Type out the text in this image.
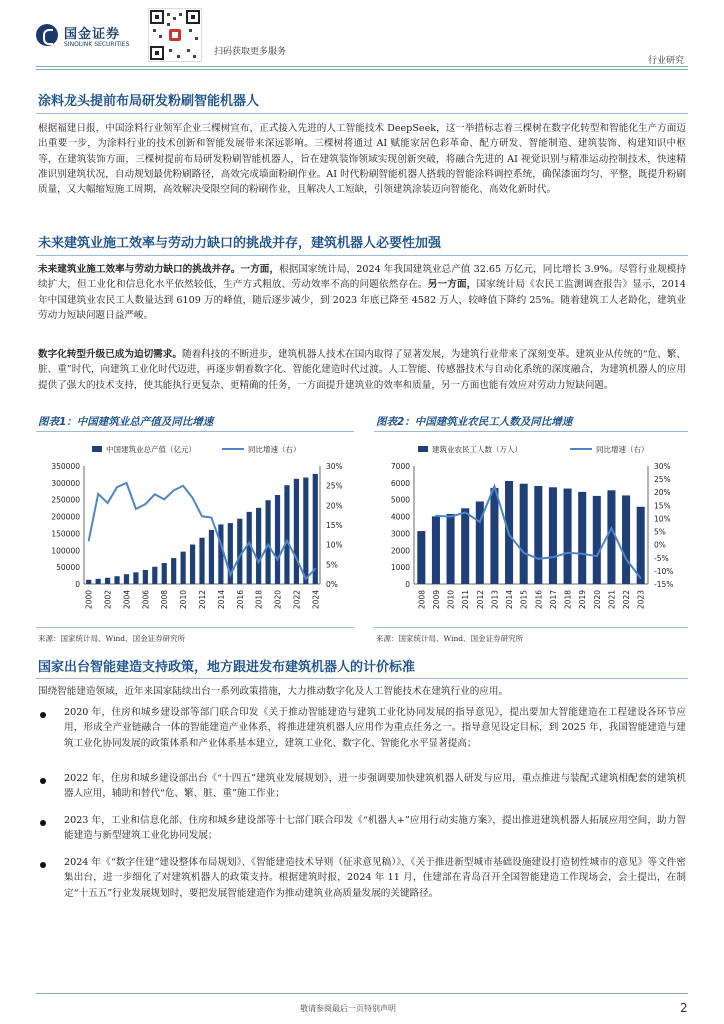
国金证券
SINOLINK SECURITIES
扫码获取更多服务
行业研究
涂料龙头提前布局研发粉刷智能机器人
根据福建日报，中国涂料行业领军企业三棵树宣布，正式接入先进的人工智能技术 DeepSeek，这一举措标志着三棵树在数字化转型和智能化生产方面迈出重要一步，为涂料行业的技术创新和智能发展带来深远影响。三棵树将通过 AI 赋能家居色彩革命、配方研发、智能制造、建筑装饰、构建知识中枢等，在建筑装饰方面，三棵树提前布局研发粉刷智能机器人，旨在建筑装饰领域实现创新突破，将融合先进的 AI 视觉识别与精准运动控制技术，快速精准识别建筑状况，自动规划最优粉刷路径，高效完成墙面粉刷作业。AI 时代粉刷智能机器人搭载的智能涂料调控系统，确保漆面均匀、平整，既提升粉刷质量，又大幅缩短施工周期，高效解决受限空间的粉刷作业，且解决人工短缺，引领建筑涂装迈向智能化、高效化新时代。
未来建筑业施工效率与劳动力缺口的挑战并存，建筑机器人必要性加强
未来建筑业施工效率与劳动力缺口的挑战并存。一方面，根据国家统计局，2024 年我国建筑业总产值 32.65 万亿元，同比增长 3.9%。尽管行业规模持续扩大，但工业化和信息化水平依然较低，生产方式粗放、劳动效率不高的问题依然存在。另一方面，国家统计局《农民工监测调查报告》显示，2014 年中国建筑业农民工人数量达到 6109 万的峰值，随后逐步减少，到 2023 年底已降至 4582 万人，较峰值下降约 25%。随着建筑工人老龄化，建筑业劳动力短缺问题日益严峻。
数字化转型升级已成为迫切需求。随着科技的不断进步，建筑机器人技术在国内取得了显著发展，为建筑行业带来了深刻变革。建筑业从传统的“危、繁、脏、重”时代，向建筑工业化时代迈进，再逐步朝着数字化、智能化建造时代过渡。人工智能、传感器技术与自动化系统的深度融合，为建筑机器人的应用提供了强大的技术支持，使其能执行更复杂、更精确的任务，一方面提升建筑业的效率和质量，另一方面也能有效应对劳动力短缺问题。
图表1：中国建筑业总产值及同比增速	图表2：中国建筑业农民工人数及同比增速
中国建筑业总产值（亿元）	同比增速（右）
0
50000
100000
150000
200000
250000
300000
350000
0%
5%
10%
15%
20%
25%
30%
2000 2002 2004 2006 2008 2010 2012 2014 2016 2018 2020 2022 2024
建筑业农民工人数（万人）	同比增速（右）
0
1000
2000
3000
4000
5000
6000
7000
-15%
-10%
-5%
0%
5%
10%
15%
20%
25%
30%
2008 2009 2010 2011 2012 2013 2014 2015 2016 2017 2018 2019 2020 2021 2022 2023
来源：国家统计局、Wind、国金证券研究所	来源：国家统计局、Wind、国金证券研究所
国家出台智能建造支持政策，地方跟进发布建筑机器人的计价标准
围绕智能建造领域，近年来国家陆续出台一系列政策措施，大力推动数字化及人工智能技术在建筑行业的应用。
2020 年，住房和城乡建设部等部门联合印发《关于推动智能建造与建筑工业化协同发展的指导意见》，提出要加大智能建造在工程建设各环节应用，形成全产业链融合一体的智能建造产业体系，将推进建筑机器人应用作为重点任务之一。指导意见设定目标，到 2025 年，我国智能建造与建筑工业化协同发展的政策体系和产业体系基本建立，建筑工业化、数字化、智能化水平显著提高；
2022 年，住房和城乡建设部出台《“十四五”建筑业发展规划》，进一步强调要加快建筑机器人研发与应用，重点推进与装配式建筑相配套的建筑机器人应用，辅助和替代“危、繁、脏、重”施工作业；
2023 年，工业和信息化部、住房和城乡建设部等十七部门联合印发《“机器人+”应用行动实施方案》，提出推进建筑机器人拓展应用空间，助力智能建造与新型建筑工业化协同发展；
2024 年《“数字住建”建设整体布局规划》、《智能建造技术导则（征求意见稿）》、《关于推进新型城市基础设施建设打造韧性城市的意见》等文件密集出台，进一步细化了对建筑机器人的政策支持。根据建筑时报，2024 年 11 月，住建部在青岛召开全国智能建造工作现场会，会上提出，在制定“十五五”行业发展规划时，要把发展智能建造作为推动建筑业高质量发展的关键路径。
敬请参阅最后一页特别声明	2
